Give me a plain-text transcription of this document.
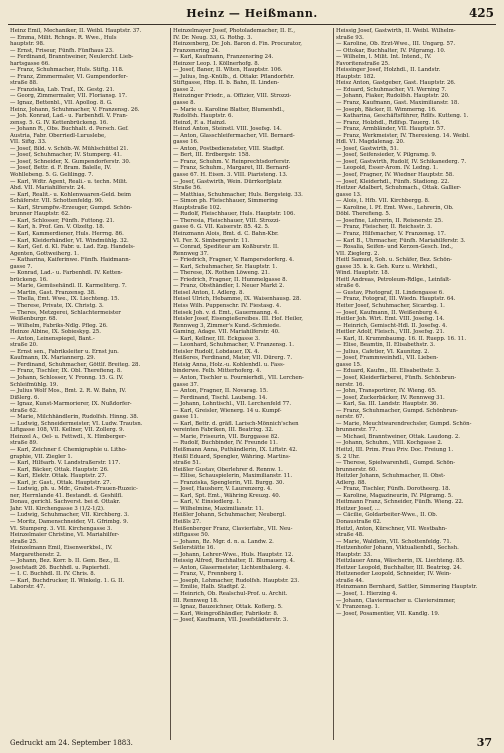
Heinz — Heißmann.	425
Heinz Emil, Mechaniker, II. Weibl. Hauptstr. 37.
— Emma, Milit. Rchngs. R. Wwe., Huls
hauptstr. 98.
— Ernst, Friseur, Fünfh. Fünfhaus 23.
— Ferdinand, Branntweiner, Neulerchf. Lieb-
hartsgasse 66.
— Franz, Schuhmacher, Huls. Stiftg. 118.
— Franz, Zimmermaler, VI. Gumpendorfer-
straße 88.
— Franziska, Lab. Traf., IX. Gestg. 21.
— Georg, Zimmermaler, VII. Floriansg. 17.
— Ignaz, Bettenbl., VII. Apollog. 8. G.
Heinz, Johann, Schuhmacher, V. Franzensg. 26.
— Joh. Konrad, Lad.- u. Farbenhdl. V. Fran-
zensg. 5. G. IV. Kettenbrückeng. 16.
— Johann R., Obs. Buchhalt. d. Persch. Gef.
Austria, Fabr. Oberriedl-Luruslebe,
VII. Siftg. 33.
— Josef, Bild. v. Schöb.-W. Mühlschüttel 21.
— Josef, Schuhmacher, IV. Stumperg. 41.
— Josef, Schneider, X. Gumpendorferstr. 30.
— Josef, Bettr. d. F. Bram. Balelle, IV.
Wohllebeng. 5. G. Gelilingg. 7.
— Karl, Wdtr. Agent, Reali.- u. techn. Milit.
Ahd. VII. Mariahilferstr. 24.
— Karl, Realit.- u. Kohlenwaaren-Geld. beim
Schäferstr. VII. Schottenfeldg. 90.
— Karl, Strumpfw.-Erzeuger, Gumpd. Schön-
brunner Hauptstr. 62.
— Karl, Schlosser, Fünfh. Futtong. 21.
— Karl, h. Prof. Gm. V. Ölzeltg. 18.
— Karl, Kammerdiener, Huls. Herrng. 86.
— Karl, Kleiderhändler, VI. Windmühlg. 32.
— Karl, Gef. d. Kl. Fabr. u. Lad. Ezg. Handels-
Agenten, Gottweiherg. 1.
— Katharina, Kaiferinwe. Fünfh. Haidmann-
gasse 7.
— Konrad, Lad.- u. Farbenhdl. IV. Ketten-
brückeng. 16.
— Marie, Gemüsehändl. II. Karmeliterg. 7.
— Martin, Gast. Franzensg. 38.
— Thella, Emt. Wwe., IX. Liechteng. 15.
— Therese, Private, IX. Christg. 3.
— Theres, Metzgerei, Schlachtermeister
Weißenburgr. 68.
— Wilhelm, Fabriks-Ndlg. Pfleg. 26.
Heinze Albine, IX. Sobieskyg. 25.
— Anton, Leinenspiegel, Bant.-
straße 20.
— Ernst sen., Fabriksleiter u. Ernst jun.
Kaufmann, IX. Mariannerg. 29.
— Ferdinand, Schuhmacher, Göttlf. Breiteg. 28.
— Franz, Tischler, IX. Obl. Therefienq. 8.
— Johann, Schlosser, V. Fronng. 15. G. IV.
Schleifmühlg. 19.
— Julius Wolf Mos., Bmt. 2. R. W. Bahn, IV.
Dißlerg. 6.
— Ignaz, Kunst-Marmorierer, IX. Nußdorfer-
straße 62.
— Marie, Milchhändlerin, Rudolfsh. Hinng. 38.
— Ludwig, Schneidermeister, VI. Ludw. Trautsn.
Liftgasse 108, VII. Kellner, VII. Zollerg. 9.
Heinzel A., Oel- u. Fettwdl., X. Himberger-
straße 89.
— Karl, Zeichner f. Chemigraphie u. Litho-
graphie, VII. Ziegler 1.
— Karl, Hilfsarb. V. Landstraßerstr. 117.
— Karl, Bäcker, Ottak. Hauptstr. 26.
— Karl, Elektr. Ottak. Hauptstr. 27.
— Karl, jr. Gast., Ottak. Hauptstr. 27.
— Ludwig, ph. u. Mdr., Grabst.-Frauen-Ruzeic-
ner, Herrnlande 41. Bestandt. d. Geshilfl.
Donau, gerichl. Sachverst. bei d. Ottakr.
Jahr. VII. Kirchengasse 3 (1/2-1/2).
— Ludwig, Schuhmacher, VII. Kirchberg. 3.
— Moritz, Damenschneider, VI. Gfrimbg. 9.
VI. Stumperg. 3. VII. Kirchengasse 3.
Heinzelmaier Christine, VI. Mariahilfer-
straße 25.
Heinzelmann Emil, Eisenwerkbsl., IV.
Margarethenstr. 2.
— Johann, Bez. Korr. b. II. Gem. Bez., II.
Josefstadt 26. Buchhdl. u. Papierhdl.
— I. C. Buchhdl. II. IV. Chris. 8.
— Karl, Buchdrucker, II. Winkelg. 1. G. II.
Laborstr. 47.
Heinzelmayer Josef, Photolademacher, II. E.,
IV. Dr. Neug. 33, G. Rothg. 3.
Heinzenberg, Dr. Joh. Baron d. Fin. Procurator,
Franzensring 24.
— Karl, Kaufmann, Franzensring 24.
Heinzer Leop. I. Köllnerhofg. 8.
— Josef, Baner, II. Wlten, Hauptstr. 106.
— Julius, Ing.-Knülb., d. Ottakr. Pflandorfstr.
Stiftgasse, Hbp. II. b. Bahn, II. Linden-
gasse 2.
Heinzinger Friedr., a. Offizier, VIII. Strozzi-
gasse 8.
— Marie u. Karoline Blatter, Blumenhdl.,
Rudolfsh. Hauptstr. 6.
Heinzl, F. a. Hainzl.
Heinzl Anton, Steinstl. VIII. Josefsg. 14.
— Anton, Glasschleifermacher, VII. Bernard-
gasse 16.
— Anton, Postbediensteter, VIII. Stadtpf.
— Bert, III. Erdbergstr. 158.
— Franz, Schuhm. V. Reinprechtsdorferstr.
— Franz, Schuhm., Margaret, III. Bernard-
gasse 67. H. Eisen. 3. VIII. Piaristeng. 13.
— Josef, Gastwirth, Wein. Dürrkorfplatz
Straße 56.
— Matthias, Schuhmacher, Huls. Bergsteig. 33.
— Simon ph. Fleischhauer, Simmering
Hauptstraße 102.
— Rudolf, Fleischhauer, Huls. Hauptstr. 106.
— Theresia, Fleischhauer, VIII. Strozzi-
gasse 6. G. VII. Kaiserstr. 85. 42. 5.
Heinzmann Alois, Bmt. d. C. Bahn-Kbr.
VI. Fer. X. Simbergerstr. 11.
— Conrad, Spediteur am Koßburstr. II.
Rennweg 37.
— Friedrich, Fragner, V. Rampersdorferg. 4.
— Karl, Schuhmacher, Sr. Hauptstr. 1.
— Therese, IX. Rothen Löweng. 21.
— Friedrich, Fragner, II. Hummelgasse 8.
— Franz, Obsthändler, I. Neuer Markt 2.
Heisel Anton, I. Adlerg. 8.
Heisel Ulrich, Hebamme, IX. Waisenhausg. 28.
Heiss Wilh. Puppenschr. IV. Fiestasg. 4.
Heisek Joh. v. d. Emt., Gauermanng. 4.
Heisler Josef, Eisengießereibes. III. Hof. Heiler,
Rennweg 3, Zimmer's Kund.-Schmiede.
Gaming, Adage. VII. Mariahilferstr. 40.
— Karl, Kellner, III. Eckgasse 3.
— Leonhard, Schuhmacher, V. Franzensg. 1.
Heisler Rudolf, Lobdauer, IX. 4.
Heißeres, Ferdinand, Mater, VII. Dürerg. 7.
Heisig Anna, Holz.-u. Kohlenhdl. u. Fass-
binderwe. Felb. Mitterhoferg. 4.
— Anton, Tischler u. Fournierhdl., VII. Lerchen-
gasse 37.
— Anton, Fragner, II. Novarag. 15.
— Ferdinand, Tischl. Laubeng. 14.
— Johann, Lohntischl., VII. Lerchenfeld 77.
— Karl, Greisler, Wienerg. 14 u. Kumpf-
gasse 11.
— Karl, Bettr. d. gräfl. Larisch-Mönnich'schen
vereinten Fabriken, III. Beatrixg. 32.
— Marie, Friseurin, VII. Burggasse 82.
— Rudolf, Buchbinder, IV. Freunde 11.
Heißmann Anna, Puthändlerin, IX. Liftstr. 42.
Heißl Eduard, Spengler, Währing. Martins-
straße 51.
Heißler Gustav, Oberlehrer d. Rennw. 1.
— Ellise, Schauspielerin, Maximilianstr. 11.
— Franziska, Spenglerin, VII. Burgg. 30.
— Josef, Hausherr, V. Laurenzerg. 4.
— Karl, Spt. Emt., Währing Kreuzg. 40.
— Karl, V. Einsiedlerg. 1.
— Wilhelmine, Maximilianstr. 11.
Heißler Johann, Schuhmacher, Neubergl.
Heißls 27.
Heißenberger Franz, Clavierfabr., VII. Neu-
stiftgasse 50.
— Johann, Bz. Mgr. d. n. a. Landw. 2.
Seilerstätte 16.
— Johann, Lehrer-Wwe., Huls. Hauptstr. 12.
Heissig Alfred, Buchhalter, II. Blumauerg. 4.
— Anton, Glasermeister, Lichtenthalerg. 4.
— Franz, V., Frennberg 1.
— Joseph, Lohmacher, Rudolfsh. Hauptstr. 23.
— Emilie, Halb. Stadtpf. 2.
— Heinrich, Ob. Realschul-Prof. u. Archit.
III. Rennweg 18.
— Ignaz, Bauzeichner, Ottak. Koflerg. 5.
— Karl, Weingroßhändler, Fabrikstr. 8.
— Josef, Kaufmann, VII. Josefstädterstr. 3.
Heissig Josef, Gastwirth, II. Weibl. Wilhelm-
straße 93.
— Karoline, Ob. Erzt-Wwe., III. Ungarg. 57.
— Ottokar, Buchhalter, IV. Pilgramg. 10.
— Wilhelm, l. Milit. Int. Intend., IV.
Favoritenstraße 25.
Heissinger Josef, Holzhdl., II. Landstr.
Hauptstr. 182.
Heisz Anton, Gastgeber, Gast. Hauptstr. 26.
— Eduard, Schuhmacher, VI. Werning 7.
— Johann, Fiaker, Rudolfsh. Hauptstr. 20.
— Franz, Kaufmann, Gast. Maximilianstr. 18.
— Joseph, Bäcker, II. Wimmerng. 16.
— Katharina, Geschäftsführer, Rdlfs. Kutteng. 1.
— Franz, Holzhdl., Rdlfsp. Tauerg. 16.
— Franz, Armbländer, VII. Hauptstr. 57.
— Franz, Werkmeister, IV. Theresieng. 14. Weibl.
Hdl. VI. Magdalenag. 20.
— Josef, Gastwirth, 51.
— Josef, Seifensieder, V. Pilgramg. 9.
— Josef, Gastwirth, Rudolf, IV. Schikanederg. 7.
— Leopold, Esser-Arom. IV. Ledng. 1.
— Josef, Fragner, IV. Wiedner Hauptstr. 58.
— Josef, Kleiderhdl., Fünfh. Stadiong. 22.
Heitzer Adalbert, Schuhmach., Ottak. Gallier-
gasse 13.
— Alois, l. Hfb. VII. Kirchbergg. 8.
— Karoline, l. Pf. Emt. Wwe., Lehrerin, Ob.
Döbl. Therefieng. 5.
— Josefine, Lehrerin, II. Reisnerstr. 25.
— Franz, Fleischer, II. Reichsstr. 3.
— Franz, Hilfsmacher, V. Franzensg. 17.
— Karl B., Uhrmacher, Fünfh. Mariahilferstr. 3.
— Rosalia, Seifen- und Kerzen-Gesch. Ind.,
VII. Zieglerg. 2.
Heitl Samuel, Soh. u. Schäfer, Bez. Schön-
gasse 35. k. k. Geh. Kurz u. Wirkhdl.,
Wind. Hauptstr. 18.
Heitl Andreas, Petroleum-Rdlge., Leinfalt-
straße 6.
— Gustav, Photograf, II. Lindengasse 6.
— Franz, Fotograf, III. Wiedn. Hauptstr. 64.
Heiter Josef, Schuhmacher, Sicardsg. 1.
— Josef, Kaufmann, II. Weißenburg 4.
Heitler Joh. Wirt. Emt. VIII. Josefsg. 14.
— Heinrich, Gemischt-Hdl. II. Josefsg. 4.
Heitler Adolf, Fleisch., VIII. Josefsg. 21.
— Karl, II. Krummbaumg. 16. II. Ruepp. 16. 11.
— Elise, Beamtin, II. Elisabethstr. 3.
— Julius, Cafetier, VI. Kaunitzg. 2.
— Josef, Frammweinhdl., VII. Lieben-
gasse 15.
— Eduard, Kaufm., III. Elisabethstr. 3.
— Josef, Kleiderfärberei, Fünfh. Schönbrun-
nerstr. 16.
— John, Transportirer, IV. Wieng. 65.
— Josef, Zuckerbäcker, IV. Rennweg 31.
— Karl, Sa. III. Landstr. Hauptstr. 36.
— Franz, Schuhmacher, Gumpd. Schönbrun-
nerstr. 67.
— Marie, Meuchtwarendrechsler, Gumpd. Schön-
brunnerstr. 77.
— Michael, Branntweiner, Ottak. Laudong. 2.
— Johann, Schuhm., VIII. Kochgasse 2.
Heitzl, III. Prim. Frau Priv. Doc. Freiung 1.
S. 2 Uhr.
— Therese, Spielwarenhdl., Gumpd. Schön-
brunnerstr. 60.
Heitzler Johann, Schuhmacher, II. Obst-
Adlerg. 88.
— Franz, Tischler, Fünfh. Dorotheerg. 18.
— Karoline, Magazineurin, IV. Pilgramg. 5.
Heitmann Franz, Schneider, Fünfh. Wieng. 22.
Heitzer Josef, ...
— Cäcilie, Goldarbeiter-Wwe., II. Ob.
Donaustraße 62.
Heitzl, Anton, Kürschner, VII. Westbahn-
straße 48.
— Marie, Waldlein, VII. Schottenfeldg. 71.
Heitzenhofer Johann, Viktualienhdl., Sechsh.
Hauptstr. 33.
Heitzlauer Anna, Wäscherin, IX. Liechteng. 85.
Heitzer Leopold, Buchhalter, III. Beatrixg. 24.
Heitzeneder Leopold, Schneider, IV. Wein-
straße 44.
Heinzmann Bernhard, Sattler, Simmering Hauptstr.
— Josef, 1. Hierzing 4.
— Johann, Claviermacher u. Claviersimmer,
V. Franzensg. 1.
— Josef, Posamentier, VII. Kandlg. 19.
Gedruckt am 24. September 1883.	37
